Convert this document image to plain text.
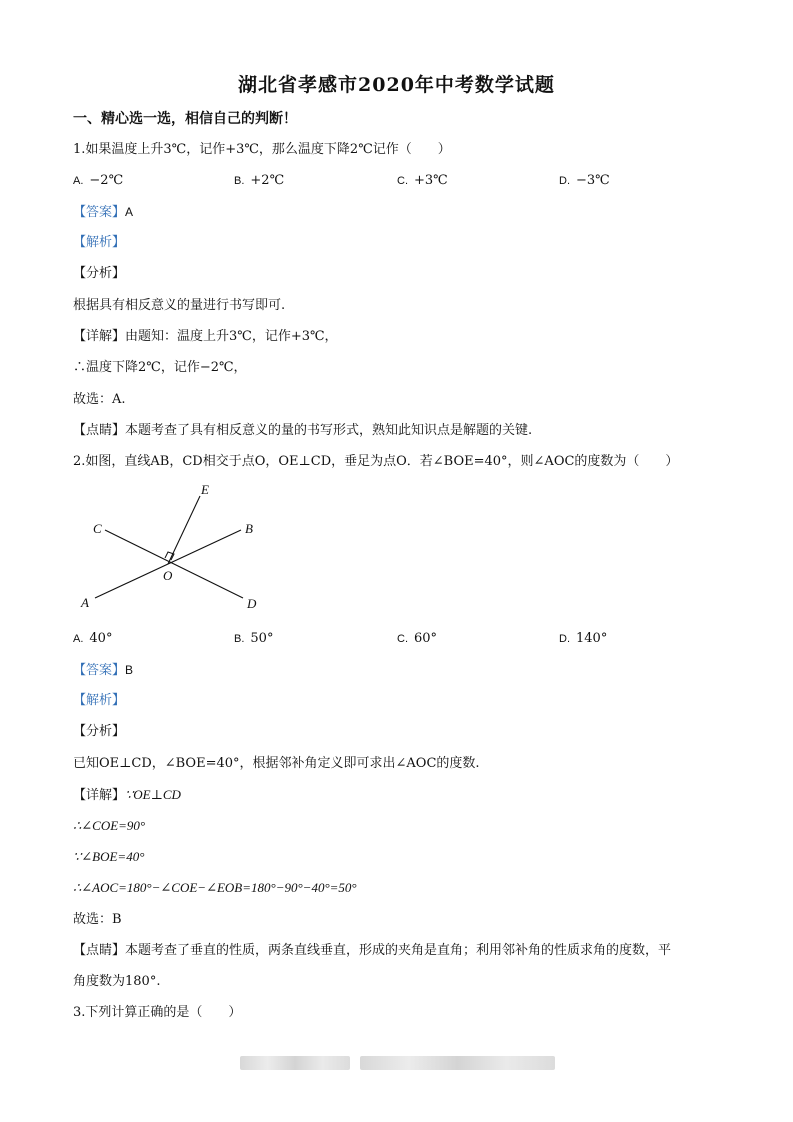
湖北省孝感市2020年中考数学试题
一、精心选一选，相信自己的判断！
1.如果温度上升3℃，记作+3℃，那么温度下降2℃记作（　　）
A. −2℃	B. +2℃	C. +3℃	D. −3℃
【答案】A
【解析】
【分析】
根据具有相反意义的量进行书写即可.
【详解】由题知：温度上升3℃，记作+3℃，
∴温度下降2℃，记作−2℃，
故选：A.
【点睛】本题考查了具有相反意义的量的书写形式，熟知此知识点是解题的关键.
2.如图，直线AB，CD相交于点O，OE⊥CD，垂足为点O．若∠BOE=40°，则∠AOC的度数为（　　）
E
C	B
O
A	D
A. 40°	B. 50°	C. 60°	D. 140°
【答案】B
【解析】
【分析】
已知OE⊥CD，∠BOE=40°，根据邻补角定义即可求出∠AOC的度数.
【详解】∵OE⊥CD
∴∠COE=90°
∵∠BOE=40°
∴∠AOC=180°−∠COE−∠EOB=180°−90°−40°=50°
故选：B
【点睛】本题考查了垂直的性质，两条直线垂直，形成的夹角是直角；利用邻补角的性质求角的度数，平
角度数为180°.
3.下列计算正确的是（　　）
